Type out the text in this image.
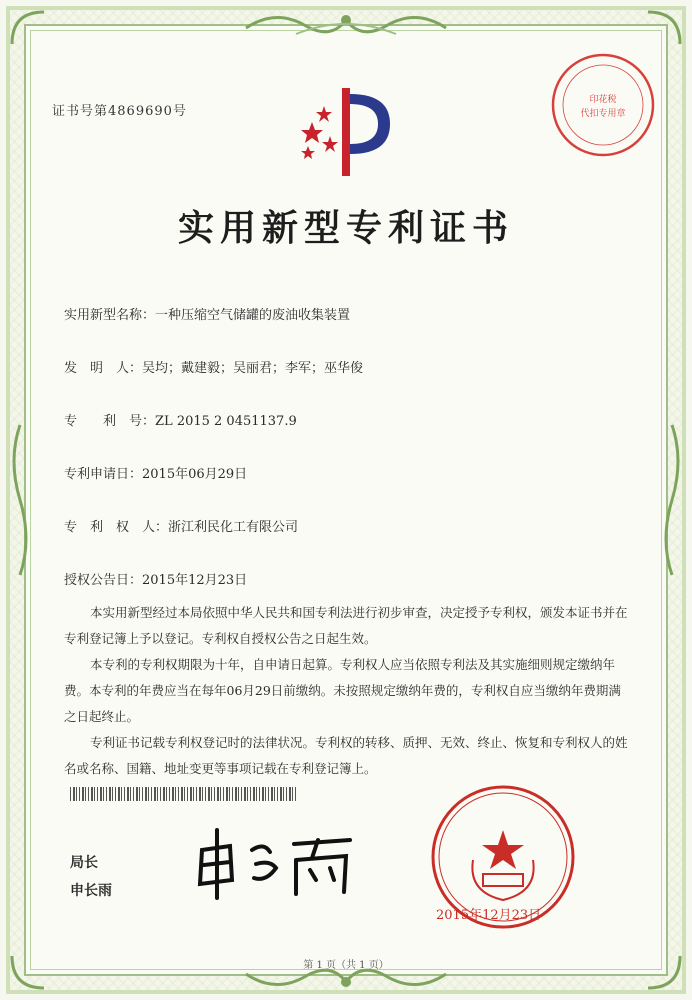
证书号第4869690号
印花税
代扣专用章
实用新型专利证书
实用新型名称：一种压缩空气储罐的废油收集装置
发　明　人：吴均；戴建毅；吴丽君；李军；巫华俊
专　　利　号：ZL 2015 2 0451137.9
专利申请日：2015年06月29日
专　利　权　人：浙江利民化工有限公司
授权公告日：2015年12月23日

本实用新型经过本局依照中华人民共和国专利法进行初步审查，决定授予专利权，颁发本证书并在专利登记簿上予以登记。专利权自授权公告之日起生效。

本专利的专利权期限为十年，自申请日起算。专利权人应当依照专利法及其实施细则规定缴纳年费。本专利的年费应当在每年06月29日前缴纳。未按照规定缴纳年费的，专利权自应当缴纳年费期满之日起终止。

专利证书记载专利权登记时的法律状况。专利权的转移、质押、无效、终止、恢复和专利权人的姓名或名称、国籍、地址变更等事项记载在专利登记簿上。

局长
申长雨
2015年12月23日
第 1 页（共 1 页）
